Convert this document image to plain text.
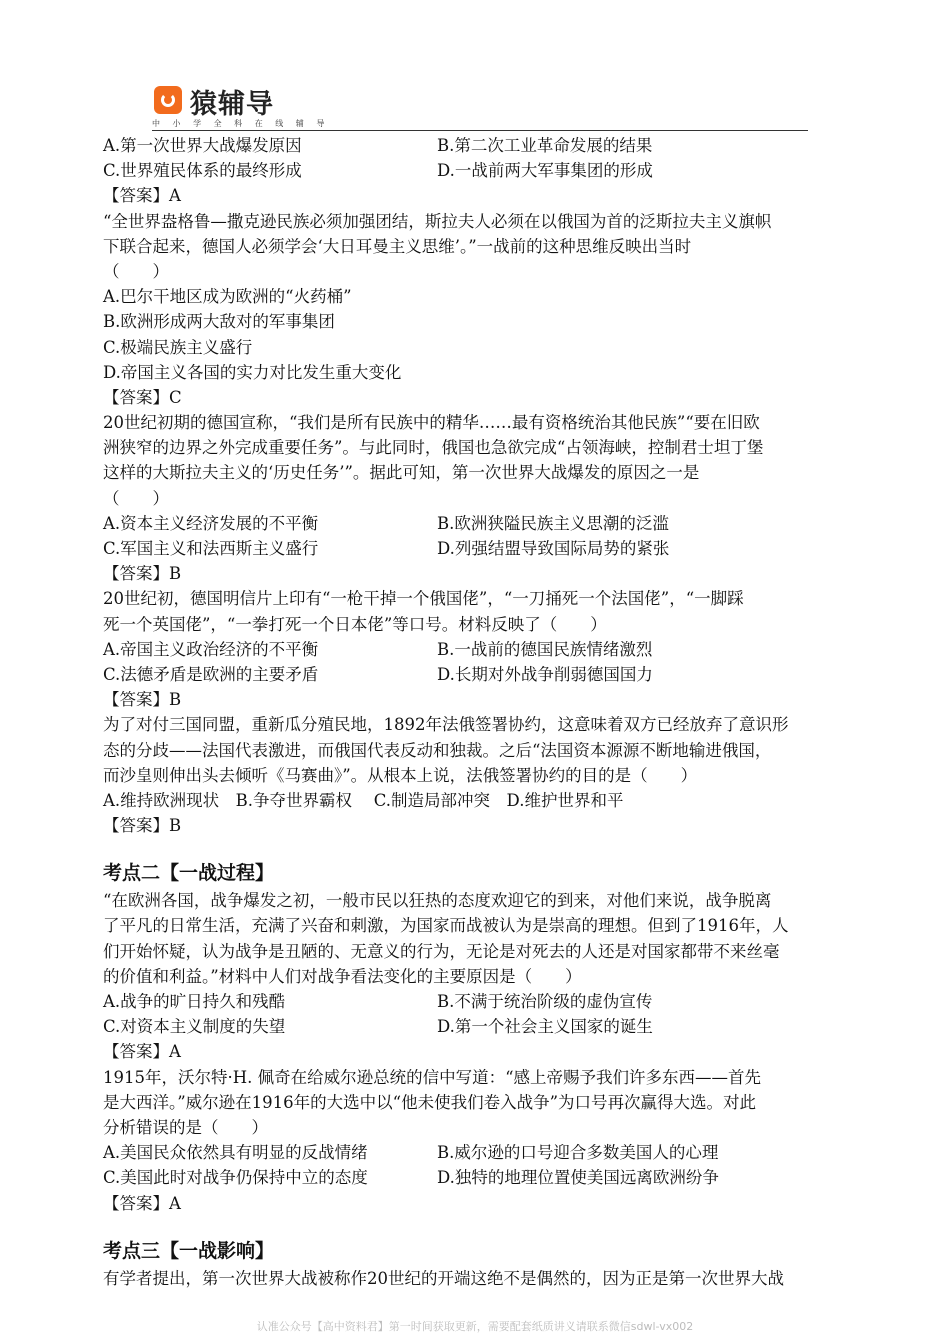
猿辅导
中 小 学 全 科 在 线 辅 导
A.第一次世界大战爆发原因	B.第二次工业革命发展的结果
C.世界殖民体系的最终形成	D.一战前两大军事集团的形成
【答案】A
“全世界盎格鲁—撒克逊民族必须加强团结，斯拉夫人必须在以俄国为首的泛斯拉夫主义旗帜
下联合起来，德国人必须学会‘大日耳曼主义思维’。”一战前的这种思维反映出当时
（　　）
A.巴尔干地区成为欧洲的“火药桶”
B.欧洲形成两大敌对的军事集团
C.极端民族主义盛行
D.帝国主义各国的实力对比发生重大变化
【答案】C
20世纪初期的德国宣称，“我们是所有民族中的精华……最有资格统治其他民族”“要在旧欧
洲狭窄的边界之外完成重要任务”。与此同时，俄国也急欲完成“占领海峡，控制君士坦丁堡
这样的大斯拉夫主义的‘历史任务’”。据此可知，第一次世界大战爆发的原因之一是
（　　）
A.资本主义经济发展的不平衡	B.欧洲狭隘民族主义思潮的泛滥
C.军国主义和法西斯主义盛行	D.列强结盟导致国际局势的紧张
【答案】B
20世纪初，德国明信片上印有“一枪干掉一个俄国佬”，“一刀捅死一个法国佬”，“一脚踩
死一个英国佬”，“一拳打死一个日本佬”等口号。材料反映了（　　）
A.帝国主义政治经济的不平衡	B.一战前的德国民族情绪激烈
C.法德矛盾是欧洲的主要矛盾	D.长期对外战争削弱德国国力
【答案】B
为了对付三国同盟，重新瓜分殖民地，1892年法俄签署协约，这意味着双方已经放弃了意识形
态的分歧——法国代表激进，而俄国代表反动和独裁。之后“法国资本源源不断地输进俄国，
而沙皇则伸出头去倾听《马赛曲》”。从根本上说，法俄签署协约的目的是（　　）
A.维持欧洲现状　B.争夺世界霸权　 C.制造局部冲突　D.维护世界和平
【答案】B
考点二【一战过程】
“在欧洲各国，战争爆发之初，一般市民以狂热的态度欢迎它的到来，对他们来说，战争脱离
了平凡的日常生活，充满了兴奋和刺激，为国家而战被认为是崇高的理想。但到了1916年，人
们开始怀疑，认为战争是丑陋的、无意义的行为，无论是对死去的人还是对国家都带不来丝毫
的价值和利益。”材料中人们对战争看法变化的主要原因是（　　）
A.战争的旷日持久和残酷	B.不满于统治阶级的虚伪宣传
C.对资本主义制度的失望	D.第一个社会主义国家的诞生
【答案】A
1915年，沃尔特·H. 佩奇在给威尔逊总统的信中写道：“感上帝赐予我们许多东西——首先
是大西洋。”威尔逊在1916年的大选中以“他未使我们卷入战争”为口号再次赢得大选。对此
分析错误的是（　　）
A.美国民众依然具有明显的反战情绪	B.威尔逊的口号迎合多数美国人的心理
C.美国此时对战争仍保持中立的态度	D.独特的地理位置使美国远离欧洲纷争
【答案】A
考点三【一战影响】
有学者提出，第一次世界大战被称作20世纪的开端这绝不是偶然的，因为正是第一次世界大战
认准公众号【高中资料君】第一时间获取更新，需要配套纸质讲义请联系微信sdwl-vx002
